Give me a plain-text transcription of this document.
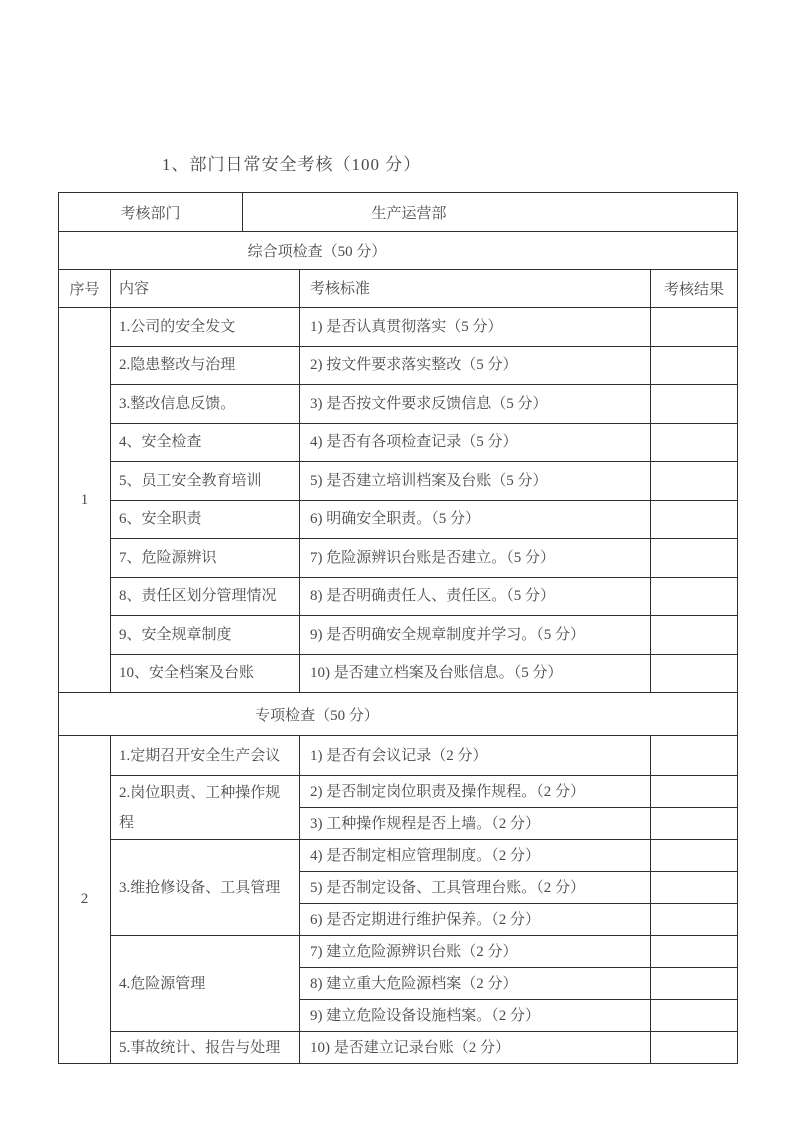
1、部门日常安全考核（100 分）
考核部门		生产运营部		
综合项检查（50 分）				
序号	内容		考核标准	考核结果
1	1.公司的安全发文		1) 是否认真贯彻落实（5 分）	
	2.隐患整改与治理		2) 按文件要求落实整改（5 分）	
	3.整改信息反馈。		3) 是否按文件要求反馈信息（5 分）	
	4、安全检查		4) 是否有各项检查记录（5 分）	
	5、员工安全教育培训		5) 是否建立培训档案及台账（5 分）	
	6、安全职责		6) 明确安全职责。（5 分）	
	7、危险源辨识		7) 危险源辨识台账是否建立。（5 分）	
	8、责任区划分管理情况		8) 是否明确责任人、责任区。（5 分）	
	9、安全规章制度		9) 是否明确安全规章制度并学习。（5 分）	
	10、安全档案及台账		10) 是否建立档案及台账信息。（5 分）	
专项检查（50 分）				
2	1.定期召开安全生产会议		1) 是否有会议记录（2 分）	
	2.岗位职责、工种操作规程		2) 是否制定岗位职责及操作规程。（2 分）	
			3) 工种操作规程是否上墙。（2 分）	
	3.维抢修设备、工具管理		4) 是否制定相应管理制度。（2 分）	
			5) 是否制定设备、工具管理台账。（2 分）	
			6) 是否定期进行维护保养。（2 分）	
	4.危险源管理		7) 建立危险源辨识台账（2 分）	
			8) 建立重大危险源档案（2 分）	
			9) 建立危险设备设施档案。（2 分）	
	5.事故统计、报告与处理		10) 是否建立记录台账（2 分）	
